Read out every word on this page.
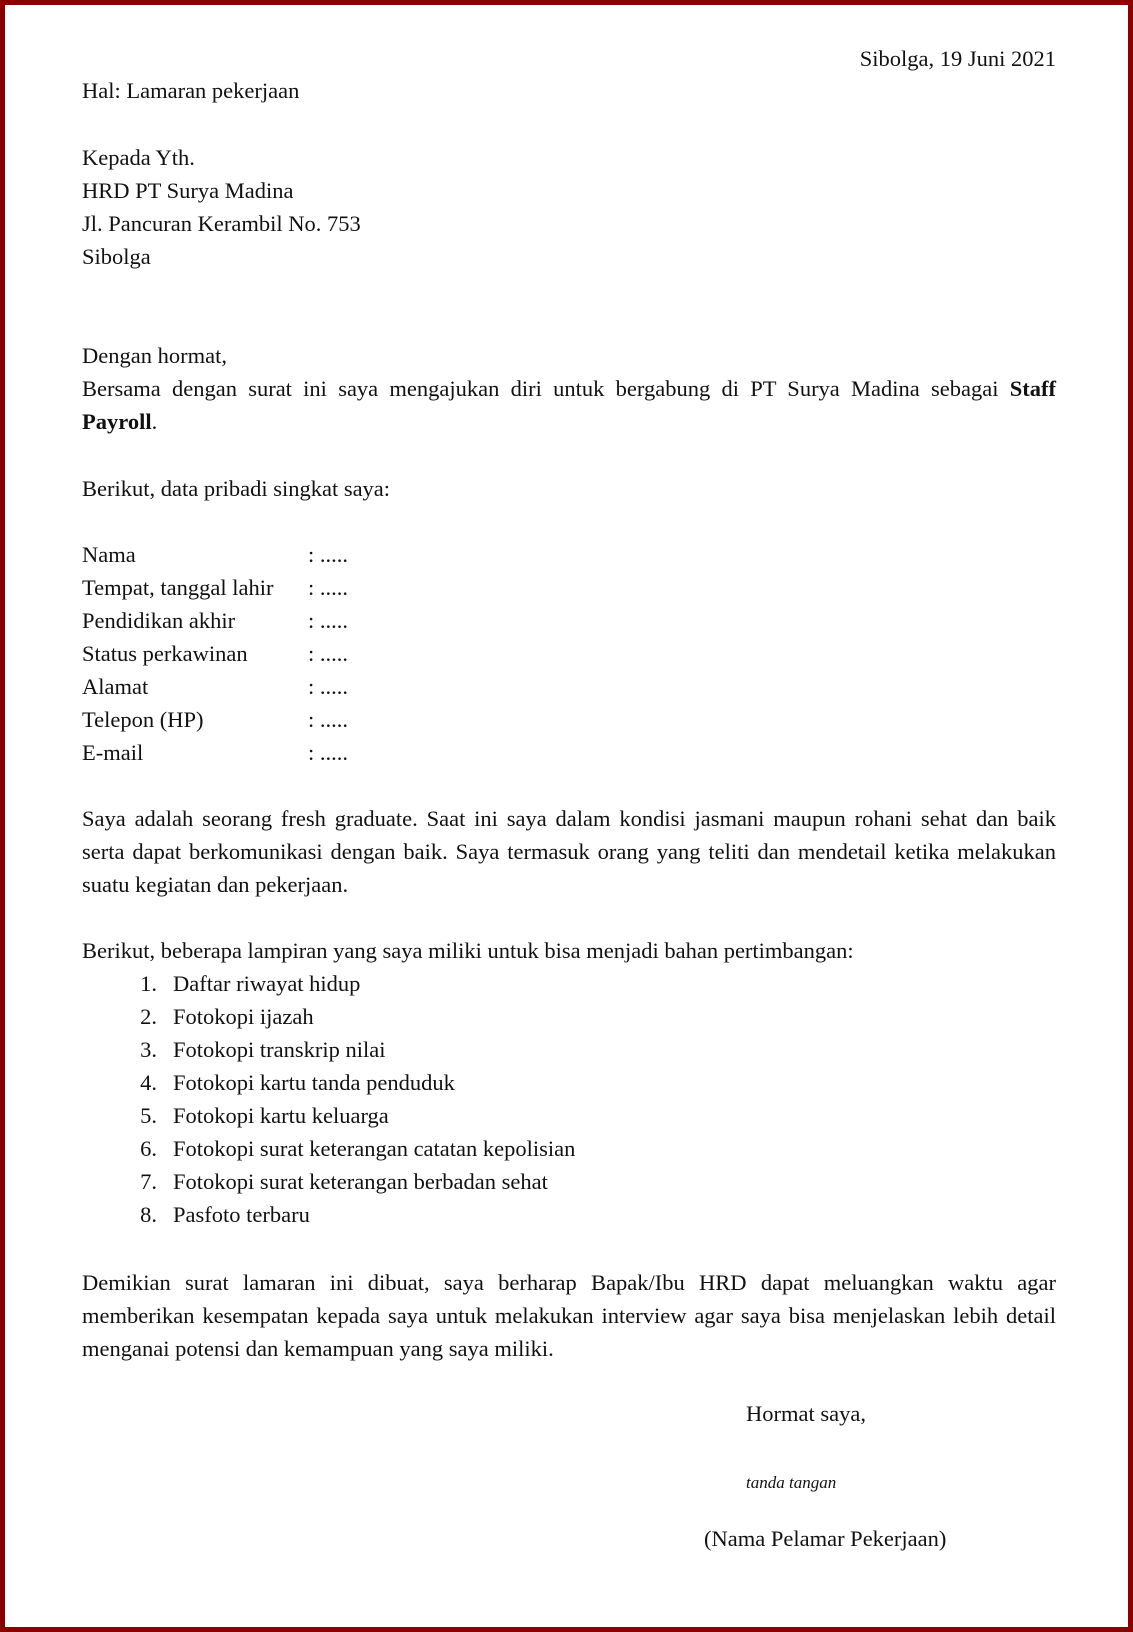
Sibolga, 19 Juni 2021
Hal: Lamaran pekerjaan
Kepada Yth.
HRD PT Surya Madina
Jl. Pancuran Kerambil No. 753
Sibolga
Dengan hormat,
Bersama dengan surat ini saya mengajukan diri untuk bergabung di PT Surya Madina sebagai Staff Payroll.
Berikut, data pribadi singkat saya:
Nama	: .....
Tempat, tanggal lahir	: .....
Pendidikan akhir	: .....
Status perkawinan	: .....
Alamat	: .....
Telepon (HP)	: .....
E-mail	: .....
Saya adalah seorang fresh graduate. Saat ini saya dalam kondisi jasmani maupun rohani sehat dan baik serta dapat berkomunikasi dengan baik. Saya termasuk orang yang teliti dan mendetail ketika melakukan suatu kegiatan dan pekerjaan.
Berikut, beberapa lampiran yang saya miliki untuk bisa menjadi bahan pertimbangan:
1. Daftar riwayat hidup
2. Fotokopi ijazah
3. Fotokopi transkrip nilai
4. Fotokopi kartu tanda penduduk
5. Fotokopi kartu keluarga
6. Fotokopi surat keterangan catatan kepolisian
7. Fotokopi surat keterangan berbadan sehat
8. Pasfoto terbaru
Demikian surat lamaran ini dibuat, saya berharap Bapak/Ibu HRD dapat meluangkan waktu agar memberikan kesempatan kepada saya untuk melakukan interview agar saya bisa menjelaskan lebih detail menganai potensi dan kemampuan yang saya miliki.
Hormat saya,
tanda tangan
(Nama Pelamar Pekerjaan)
